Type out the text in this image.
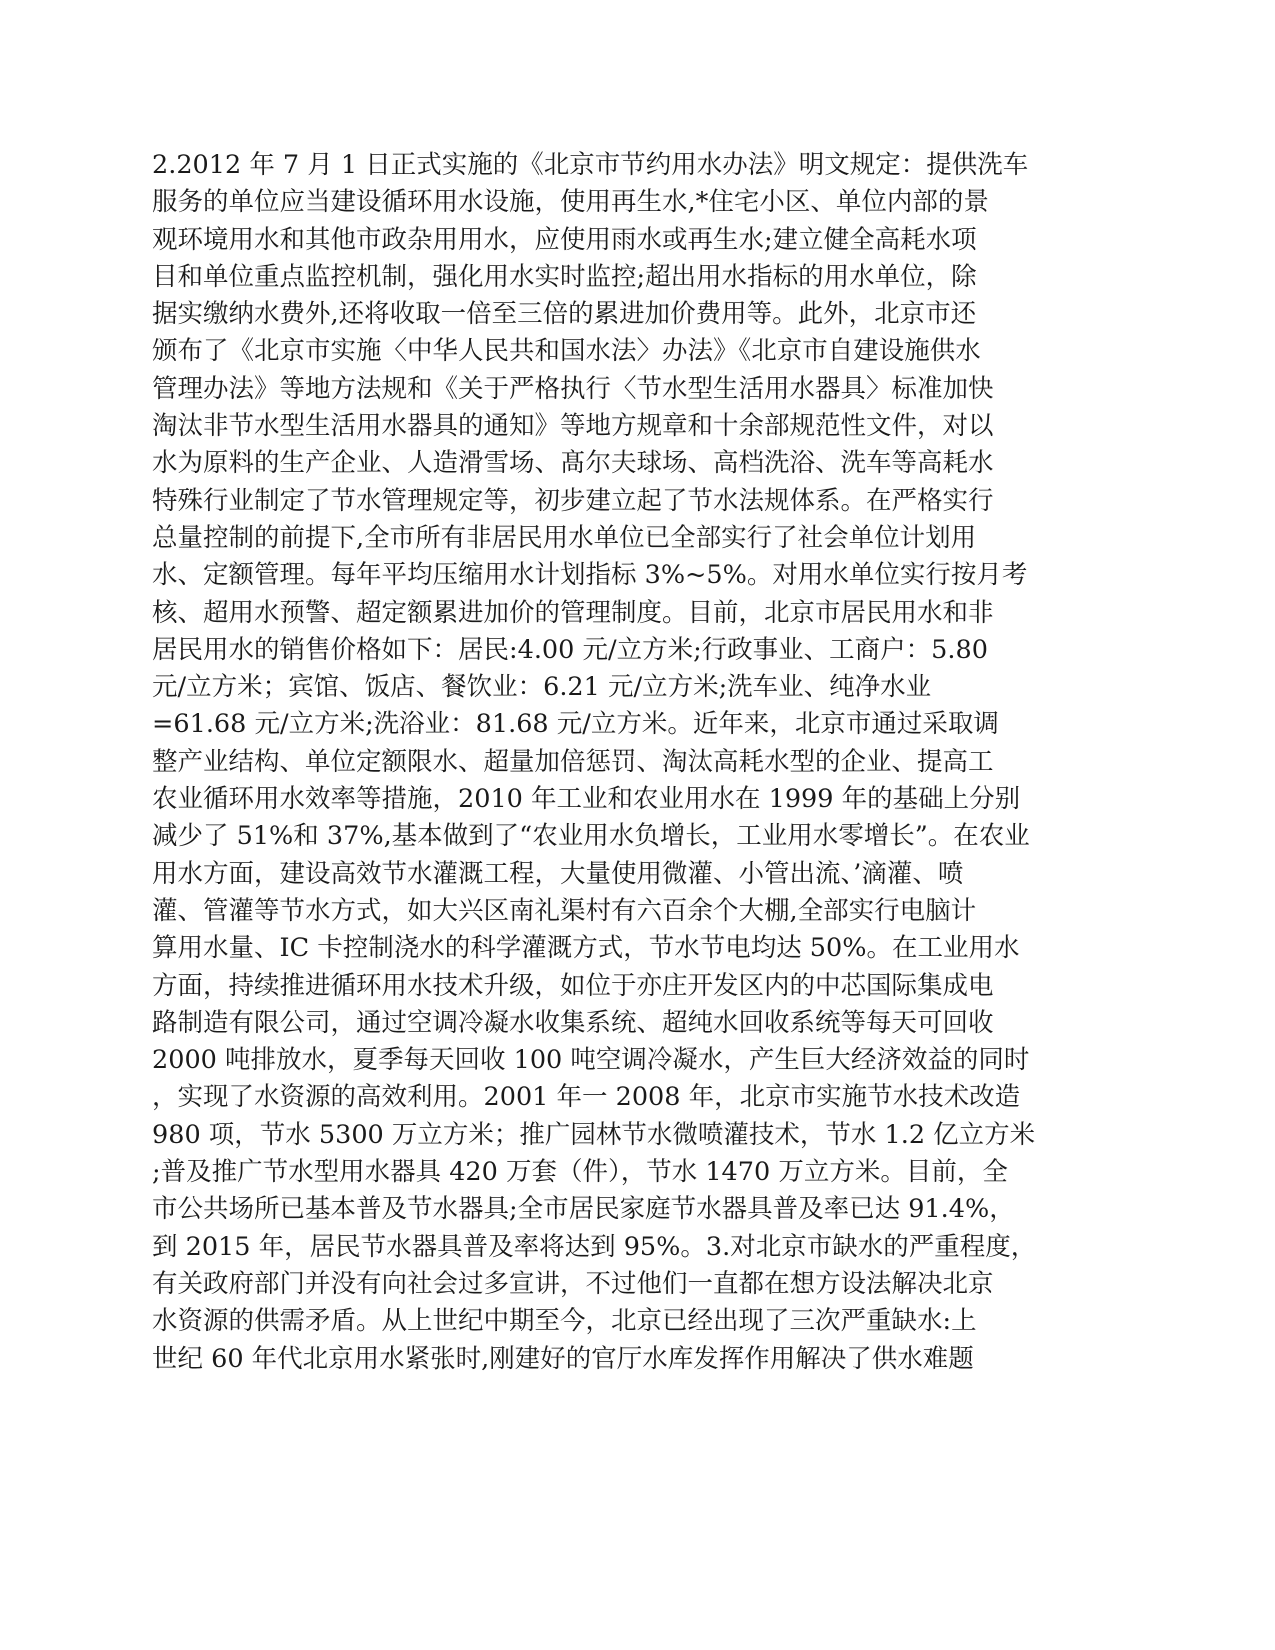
2.2012 年 7 月 1 日正式实施的《北京市节约用水办法》明文规定：提供洗车
服务的单位应当建设循环用水设施，使用再生水,*住宅小区、单位内部的景
观环境用水和其他市政杂用用水，应使用雨水或再生水;建立健全高耗水项
目和单位重点监控机制，强化用水实时监控;超出用水指标的用水单位，除
据实缴纳水费外,还将收取一倍至三倍的累进加价费用等。此外，北京市还
颁布了《北京市实施〈中华人民共和国水法〉办法》《北京市自建设施供水
管理办法》等地方法规和《关于严格执行〈节水型生活用水器具〉标准加快
淘汰非节水型生活用水器具的通知》等地方规章和十余部规范性文件，对以
水为原料的生产企业、人造滑雪场、髙尔夫球场、高档洗浴、洗车等高耗水
特殊行业制定了节水管理规定等，初步建立起了节水法规体系。在严格实行
总量控制的前提下,全市所有非居民用水单位已全部实行了社会单位计划用
水、定额管理。每年平均压缩用水计划指标 3%~5%。对用水单位实行按月考
核、超用水预警、超定额累进加价的管理制度。目前，北京市居民用水和非
居民用水的销售价格如下：居民:4.00 元/立方米;行政事业、工商户：5.80
元/立方米；宾馆、饭店、餐饮业：6.21 元/立方米;洗车业、纯净水业
=61.68 元/立方米;洗浴业：81.68 元/立方米。近年来，北京市通过采取调
整产业结构、单位定额限水、超量加倍惩罚、淘汰高耗水型的企业、提高工
农业循环用水效率等措施，2010 年工业和农业用水在 1999 年的基础上分别
减少了 51%和 37%,基本做到了“农业用水负增长，工业用水零增长”。在农业
用水方面，建设高效节水灌溉工程，大量使用微灌、小管出流、’滴灌、喷
灌、管灌等节水方式，如大兴区南礼渠村有六百余个大棚,全部实行电脑计
算用水量、IC 卡控制浇水的科学灌溉方式，节水节电均达 50%。在工业用水
方面，持续推进循环用水技术升级，如位于亦庄开发区内的中芯国际集成电
路制造有限公司，通过空调冷凝水收集系统、超纯水回收系统等每天可回收
2000 吨排放水，夏季每天回收 100 吨空调冷凝水，产生巨大经济效益的同时
，实现了水资源的高效利用。2001 年一 2008 年，北京市实施节水技术改造
980 项，节水 5300 万立方米；推广园林节水微喷灌技术，节水 1.2 亿立方米
;普及推广节水型用水器具 420 万套（件），节水 1470 万立方米。目前，全
市公共场所已基本普及节水器具;全市居民家庭节水器具普及率已达 91.4%，
到 2015 年，居民节水器具普及率将达到 95%。3.对北京市缺水的严重程度，
有关政府部门并没有向社会过多宣讲，不过他们一直都在想方设法解决北京
水资源的供需矛盾。从上世纪中期至今，北京已经出现了三次严重缺水:上
世纪 60 年代北京用水紧张时,刚建好的官厅水库发挥作用解决了供水难题
